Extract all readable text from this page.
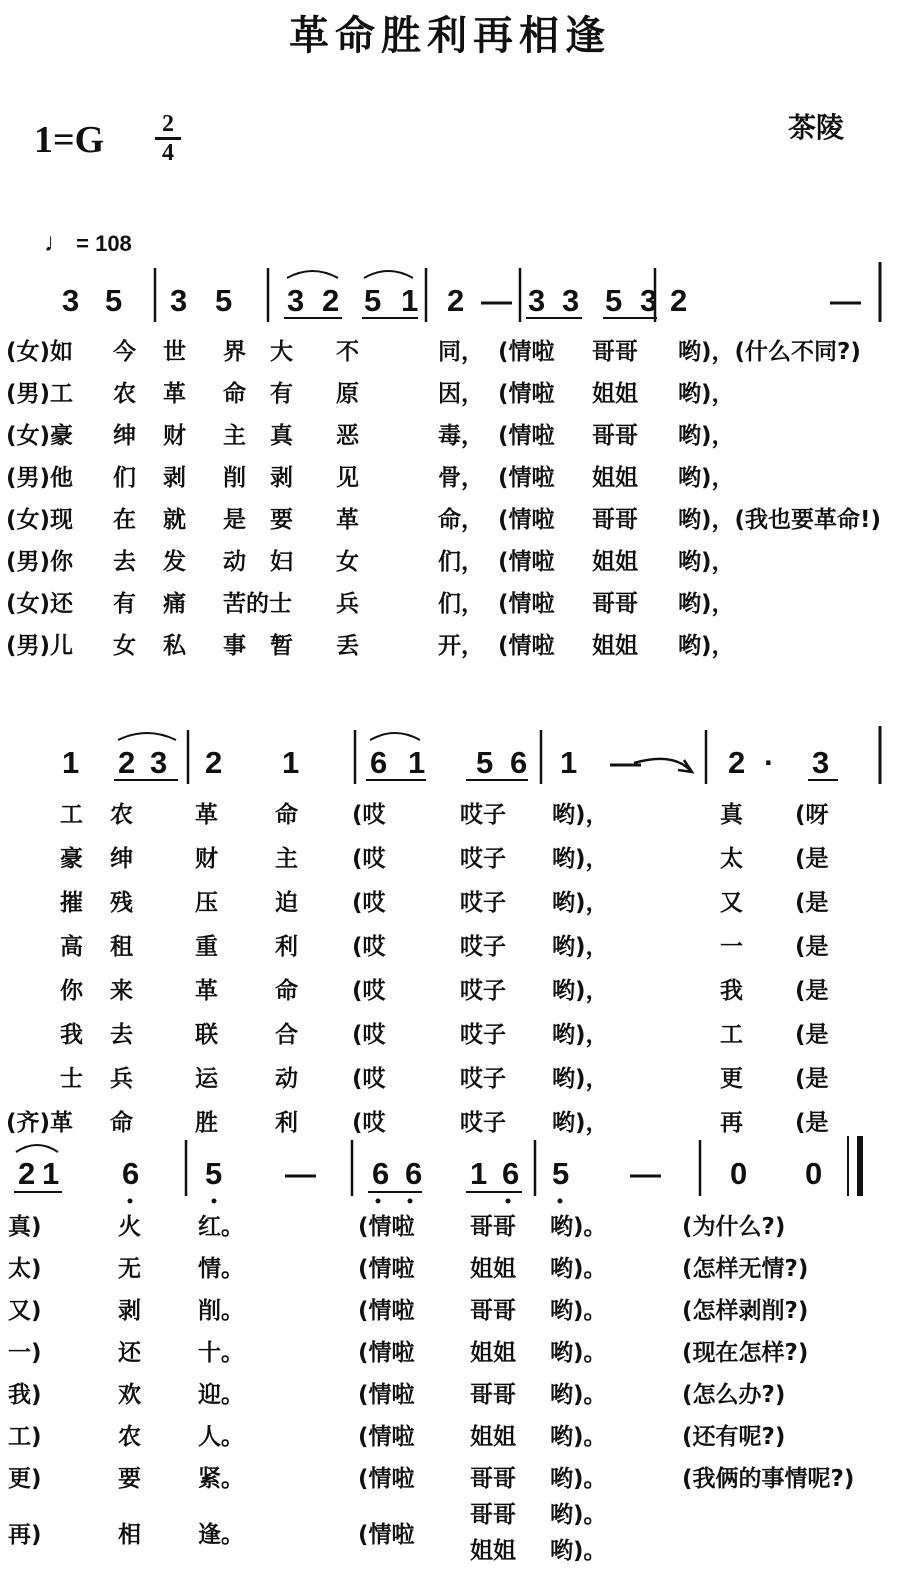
革命胜利再相逢
1=G 2
4
茶陵
♩ = 108
3 5 3 5 3 2 5 1 2 — 3 3 5 3 2	—
(女)如 今 世 界 大 不	同， (情啦 哥哥 哟)，(什么不同?)
(男)工 农 革 命 有 原	因， (情啦 姐姐 哟)，
(女)豪 绅 财 主 真 恶	毒， (情啦 哥哥 哟)，
(男)他 们 剥 削 剥 见	骨， (情啦 姐姐 哟)，
(女)现 在 就 是 要 革	命， (情啦 哥哥 哟)，(我也要革命!)
(男)你 去 发 动 妇 女	们， (情啦 姐姐 哟)，
(女)还 有 痛 苦的士 兵	们， (情啦 哥哥 哟)，
(男)儿 女 私 事 暂 丢	开， (情啦 姐姐 哟)，
1 2 3 2 1 6 1 5 6 1 —	2 · 3
工 农	革 命 (哎	哎子 哟)，	真 (呀
豪 绅	财 主 (哎	哎子 哟)，	太 (是
摧 残	压 迫 (哎	哎子 哟)，	又 (是
高 租	重 利 (哎	哎子 哟)，	一 (是
你 来	革 命 (哎	哎子 哟)，	我 (是
我 去	联 合 (哎	哎子 哟)，	工 (是
士 兵	运 动 (哎	哎子 哟)，	更 (是
(齐)革 命	胜 利 (哎	哎子 哟)，	再 (是
2 1 6 5 — 6 6 1 6 5 — 0 0
真)	火 红。	(情啦 哥哥 哟)。	(为什么?)
太)	无 情。	(情啦 姐姐 哟)。	(怎样无情?)
又)	剥 削。	(情啦 哥哥 哟)。	(怎样剥削?)
一)	还 十。	(情啦 姐姐 哟)。	(现在怎样?)
我)	欢 迎。	(情啦 哥哥 哟)。	(怎么办?)
工)	农 人。	(情啦 姐姐 哟)。	(还有呢?)
更)	要 紧。	(情啦 哥哥 哟)。	(我俩的事情呢?)
再)	相 逢。	(情啦
哥哥 哟)。
姐姐 哟)。
